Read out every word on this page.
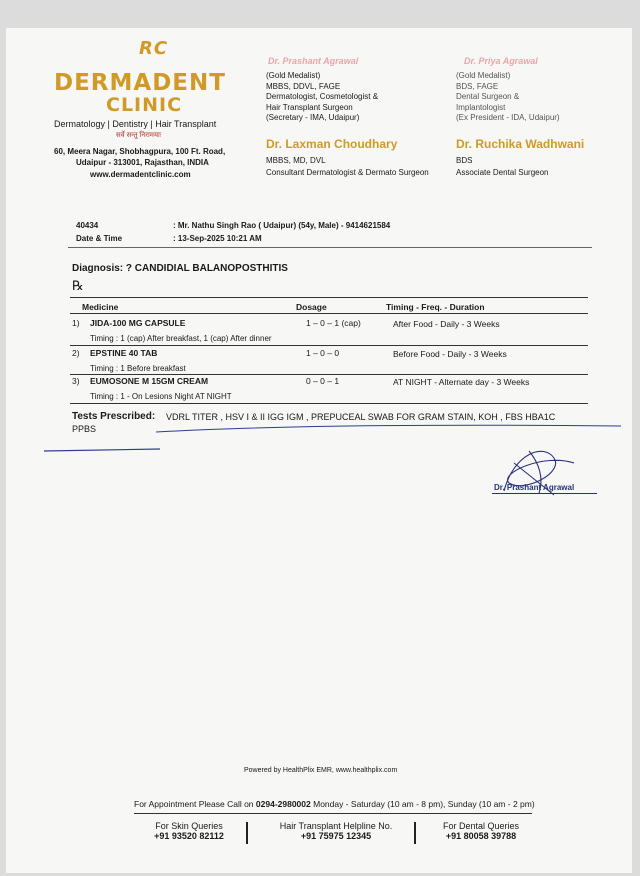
RC
DERMADENT
CLINIC
Dermatology | Dentistry | Hair Transplant
सर्वे सन्तु निरामयाः
60, Meera Nagar, Shobhagpura, 100 Ft. Road,
Udaipur - 313001, Rajasthan, INDIA
www.dermadentclinic.com
Dr. Prashant Agrawal
(Gold Medalist)
MBBS, DDVL, FAGE
Dermatologist, Cosmetologist &
Hair Transplant Surgeon
(Secretary - IMA, Udaipur)
Dr. Laxman Choudhary
MBBS, MD, DVL
Consultant Dermatologist & Dermato Surgeon
Dr. Priya Agrawal
(Gold Medalist)
BDS, FAGE
Dental Surgeon &
Implantologist
(Ex President - IDA, Udaipur)
Dr. Ruchika Wadhwani
BDS
Associate Dental Surgeon
40434	: Mr. Nathu Singh Rao ( Udaipur) (54y, Male) - 9414621584
Date & Time	: 13-Sep-2025 10:21 AM
Diagnosis: ? CANDIDIAL BALANOPOSTHITIS
℞
Medicine	Dosage	Timing - Freq. - Duration
1) JIDA-100 MG CAPSULE	1 – 0 – 1 (cap)	After Food - Daily - 3 Weeks
Timing : 1 (cap) After breakfast, 1 (cap) After dinner
2) EPSTINE 40 TAB	1 – 0 – 0	Before Food - Daily - 3 Weeks
Timing : 1 Before breakfast
3) EUMOSONE M 15GM CREAM	0 – 0 – 1	AT NIGHT - Alternate day - 3 Weeks
Timing : 1 - On Lesions Night AT NIGHT
Tests Prescribed: VDRL TITER , HSV I & II IGG IGM , PREPUCEAL SWAB FOR GRAM STAIN, KOH , FBS HBA1C
PPBS
Dr. Prashant Agrawal
Powered by HealthPlix EMR, www.healthplix.com
For Appointment Please Call on 0294-2980002 Monday - Saturday (10 am - 8 pm), Sunday (10 am - 2 pm)
For Skin Queries
+91 93520 82112
Hair Transplant Helpline No.
+91 75975 12345
For Dental Queries
+91 80058 39788
